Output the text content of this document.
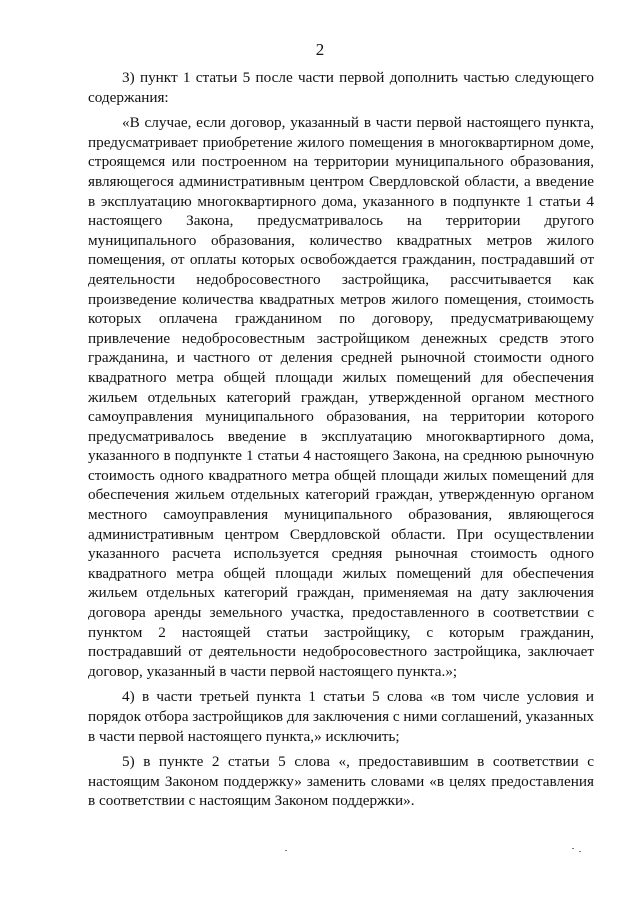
2

3) пункт 1 статьи 5 после части первой дополнить частью следующего содержания:

«В случае, если договор, указанный в части первой настоящего пункта, предусматривает приобретение жилого помещения в многоквартирном доме, строящемся или построенном на территории муниципального образования, являющегося административным центром Свердловской области, а введение в эксплуатацию многоквартирного дома, указанного в подпункте 1 статьи 4 настоящего Закона, предусматривалось на территории другого муниципального образования, количество квадратных метров жилого помещения, от оплаты которых освобождается гражданин, пострадавший от деятельности недобросовестного застройщика, рассчитывается как произведение количества квадратных метров жилого помещения, стоимость которых оплачена гражданином по договору, предусматривающему привлечение недобросовестным застройщиком денежных средств этого гражданина, и частного от деления средней рыночной стоимости одного квадратного метра общей площади жилых помещений для обеспечения жильем отдельных категорий граждан, утвержденной органом местного самоуправления муниципального образования, на территории которого предусматривалось введение в эксплуатацию многоквартирного дома, указанного в подпункте 1 статьи 4 настоящего Закона, на среднюю рыночную стоимость одного квадратного метра общей площади жилых помещений для обеспечения жильем отдельных категорий граждан, утвержденную органом местного самоуправления муниципального образования, являющегося административным центром Свердловской области. При осуществлении указанного расчета используется средняя рыночная стоимость одного квадратного метра общей площади жилых помещений для обеспечения жильем отдельных категорий граждан, применяемая на дату заключения договора аренды земельного участка, предоставленного в соответствии с пунктом 2 настоящей статьи застройщику, с которым гражданин, пострадавший от деятельности недобросовестного застройщика, заключает договор, указанный в части первой настоящего пункта.»;

4) в части третьей пункта 1 статьи 5 слова «в том числе условия и порядок отбора застройщиков для заключения с ними соглашений, указанных в части первой настоящего пункта,» исключить;

5) в пункте 2 статьи 5 слова «, предоставившим в соответствии с настоящим Законом поддержку» заменить словами «в целях предоставления в соответствии с настоящим Законом поддержки».
